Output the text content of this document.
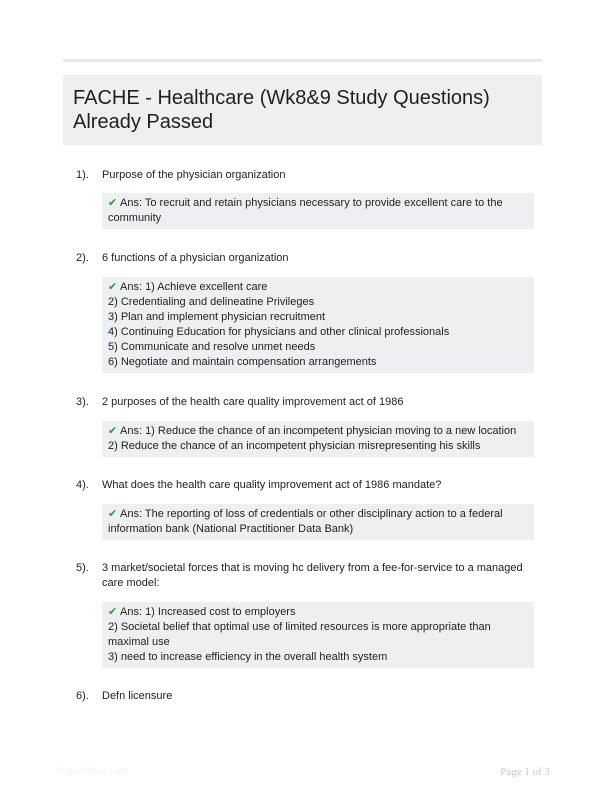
FACHE - Healthcare (Wk8&9 Study Questions) Already Passed
1). Purpose of the physician organization
✔ Ans: To recruit and retain physicians necessary to provide excellent care to the community
2). 6 functions of a physician organization
✔ Ans: 1) Achieve excellent care
2) Credentialing and delineatine Privileges
3) Plan and implement physician recruitment
4) Continuing Education for physicians and other clinical professionals
5) Communicate and resolve unmet needs
6) Negotiate and maintain compensation arrangements
3). 2 purposes of the health care quality improvement act of 1986
✔ Ans: 1) Reduce the chance of an incompetent physician moving to a new location
2) Reduce the chance of an incompetent physician misrepresenting his skills
4). What does the health care quality improvement act of 1986 mandate?
✔ Ans: The reporting of loss of credentials or other disciplinary action to a federal information bank (National Practitioner Data Bank)
5). 3 market/societal forces that is moving hc delivery from a fee-for-service to a managed care model:
✔ Ans: 1) Increased cost to employers
2) Societal belief that optimal use of limited resources is more appropriate than maximal use
3) need to increase efficiency in the overall health system
6). Defn licensure
PaperNibic.com	Page 1 of 3
